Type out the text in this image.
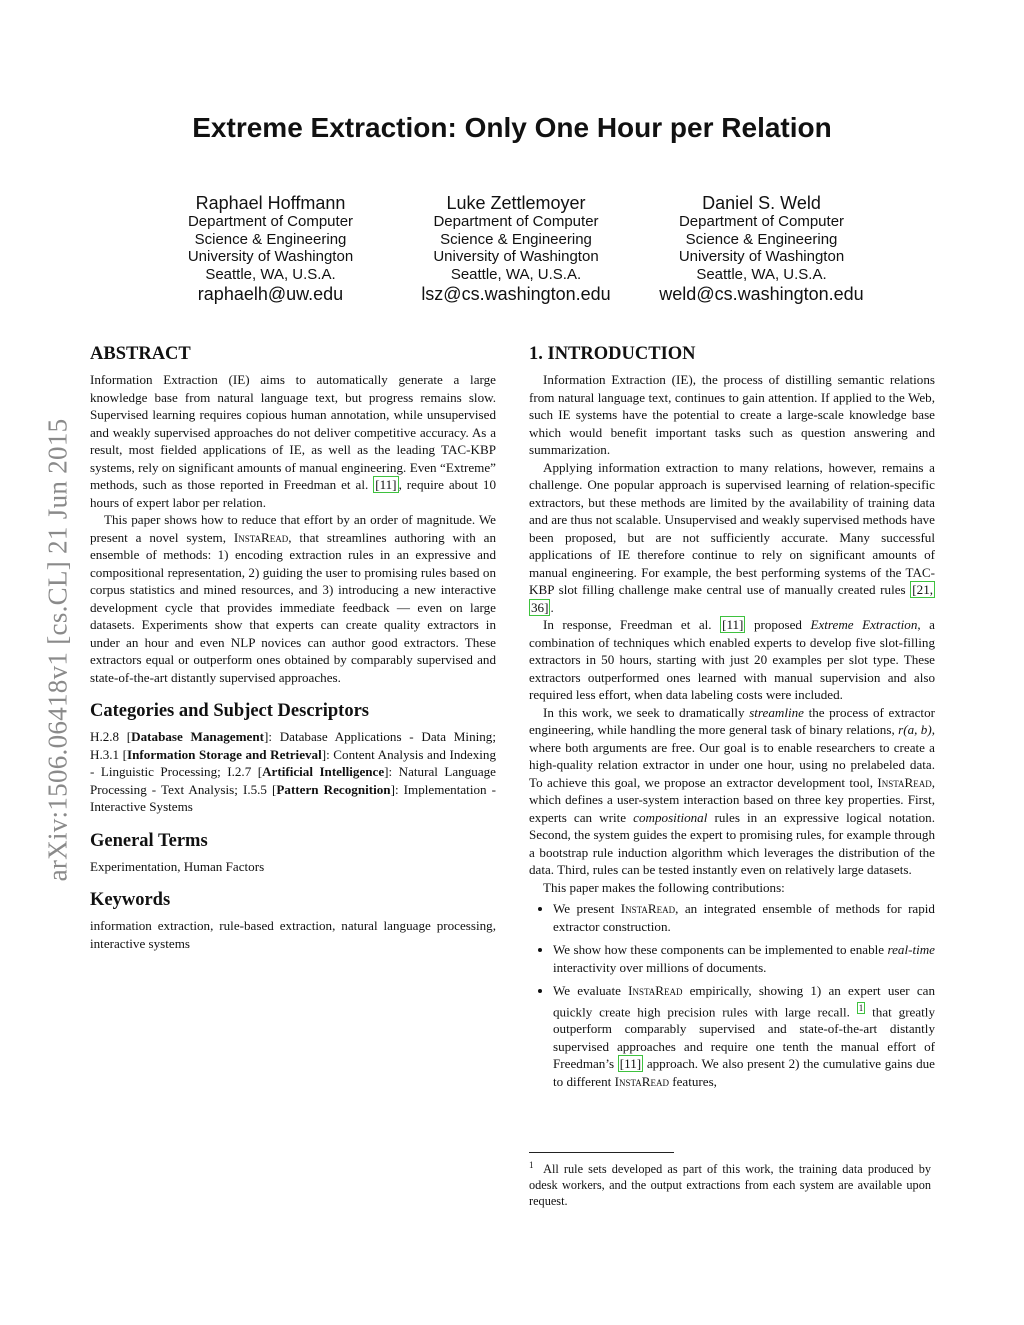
arXiv:1506.06418v1 [cs.CL] 21 Jun 2015
Extreme Extraction: Only One Hour per Relation
Raphael Hoffmann
Department of Computer
Science & Engineering
University of Washington
Seattle, WA, U.S.A.
raphaelh@uw.edu
Luke Zettlemoyer
Department of Computer
Science & Engineering
University of Washington
Seattle, WA, U.S.A.
lsz@cs.washington.edu
Daniel S. Weld
Department of Computer
Science & Engineering
University of Washington
Seattle, WA, U.S.A.
weld@cs.washington.edu
ABSTRACT

Information Extraction (IE) aims to automatically generate a large knowledge base from natural language text, but progress remains slow. Supervised learning requires copious human annotation, while unsupervised and weakly supervised approaches do not deliver competitive accuracy. As a result, most fielded applications of IE, as well as the leading TAC-KBP systems, rely on significant amounts of manual engineering. Even “Extreme” methods, such as those reported in Freedman et al. [11] , require about 10 hours of expert labor per relation.

This paper shows how to reduce that effort by an order of magnitude. We present a novel system, InstaRead, that streamlines authoring with an ensemble of methods: 1) encoding extraction rules in an expressive and compositional representation, 2) guiding the user to promising rules based on corpus statistics and mined resources, and 3) introducing a new interactive development cycle that provides immediate feedback — even on large datasets. Experiments show that experts can create quality extractors in under an hour and even NLP novices can author good extractors. These extractors equal or outperform ones obtained by comparably supervised and state-of-the-art distantly supervised approaches.

Categories and Subject Descriptors

H.2.8 [Database Management]: Database Applications - Data Mining; H.3.1 [Information Storage and Retrieval]: Content Analysis and Indexing - Linguistic Processing; I.2.7 [Artificial Intelligence]: Natural Language Processing - Text Analysis; I.5.5 [Pattern Recognition]: Implementation - Interactive Systems

General Terms

Experimentation, Human Factors

Keywords

information extraction, rule-based extraction, natural language processing, interactive systems

1. INTRODUCTION

Information Extraction (IE), the process of distilling semantic relations from natural language text, continues to gain attention. If applied to the Web, such IE systems have the potential to create a large-scale knowledge base which would benefit important tasks such as question answering and summarization.

Applying information extraction to many relations, however, remains a challenge. One popular approach is supervised learning of relation-specific extractors, but these methods are limited by the availability of training data and are thus not scalable. Unsupervised and weakly supervised methods have been proposed, but are not sufficiently accurate. Many successful applications of IE therefore continue to rely on significant amounts of manual engineering. For example, the best performing systems of the TAC-KBP slot filling challenge make central use of manually created rules [21, 36] .

In response, Freedman et al. [11] proposed Extreme Extraction, a combination of techniques which enabled experts to develop five slot-filling extractors in 50 hours, starting with just 20 examples per slot type. These extractors outperformed ones learned with manual supervision and also required less effort, when data labeling costs were included.

In this work, we seek to dramatically streamline the process of extractor engineering, while handling the more general task of binary relations, r(a, b), where both arguments are free. Our goal is to enable researchers to create a high-quality relation extractor in under one hour, using no prelabeled data. To achieve this goal, we propose an extractor development tool, InstaRead, which defines a user-system interaction based on three key properties. First, experts can write compositional rules in an expressive logical notation. Second, the system guides the expert to promising rules, for example through a bootstrap rule induction algorithm which leverages the distribution of the data. Third, rules can be tested instantly even on relatively large datasets.

This paper makes the following contributions:

• We present InstaRead, an integrated ensemble of methods for rapid extractor construction.
• We show how these components can be implemented to enable real-time interactivity over millions of documents.
• We evaluate InstaRead empirically, showing 1) an expert user can quickly create high precision rules with large recall. $^1$ that greatly outperform comparably supervised and state-of-the-art distantly supervised approaches and require one tenth the manual effort of Freedman’s [11] approach. We also present 2) the cumulative gains due to different InstaRead features,
$^1$ All rule sets developed as part of this work, the training data produced by odesk workers, and the output extractions from each system are available upon request.
